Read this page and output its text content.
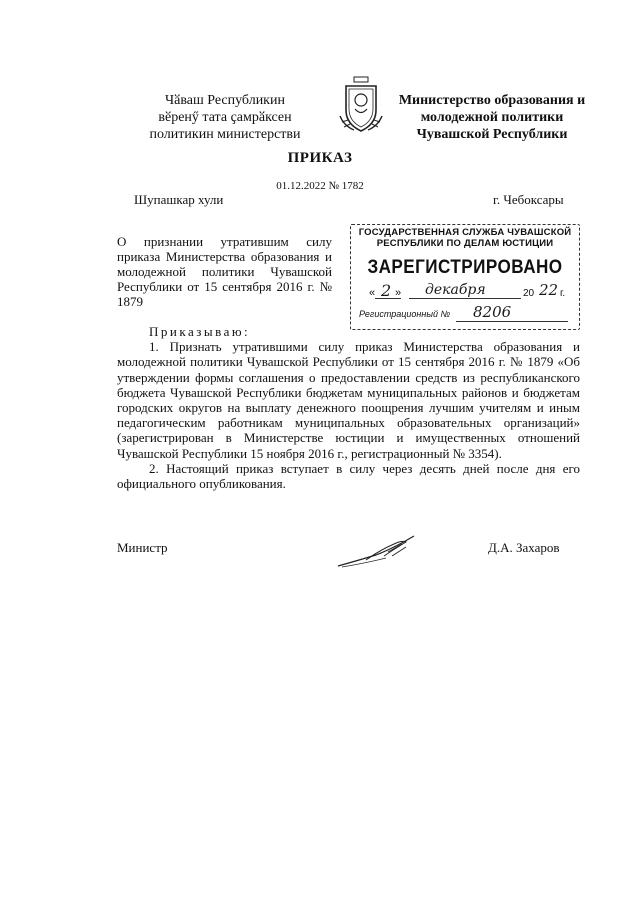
Чӑваш Республикин
вӗренӳ тата ҫамрӑксен
политикин министерстви
Министерство образования и
молодежной политики
Чувашской Республики
ПРИКАЗ
01.12.2022 № 1782
Шупашкар хули	г. Чебоксары
О признании утратившим силу приказа Министерства образования и молодежной политики Чувашской Республики от 15 сентября 2016 г. № 1879
ГОСУДАРСТВЕННАЯ СЛУЖБА ЧУВАШСКОЙ
РЕСПУБЛИКИ ПО ДЕЛАМ ЮСТИЦИИ
ЗАРЕГИСТРИРОВАНО
« 2 » декабря	20 22 г.
Регистрационный № 8206

Приказываю:

1. Признать утратившими силу приказ Министерства образования и молодежной политики Чувашской Республики от 15 сентября 2016 г. № 1879 «Об утверждении формы соглашения о предоставлении средств из республиканского бюджета Чувашской Республики бюджетам муниципальных районов и бюджетам городских округов на выплату денежного поощрения лучшим учителям и иным педагогическим работникам муниципальных образовательных организаций» (зарегистрирован в Министерстве юстиции и имущественных отношений Чувашской Республики 15 ноября 2016 г., регистрационный № 3354).

2. Настоящий приказ вступает в силу через десять дней после дня его официального опубликования.

Министр	Д.А. Захаров
